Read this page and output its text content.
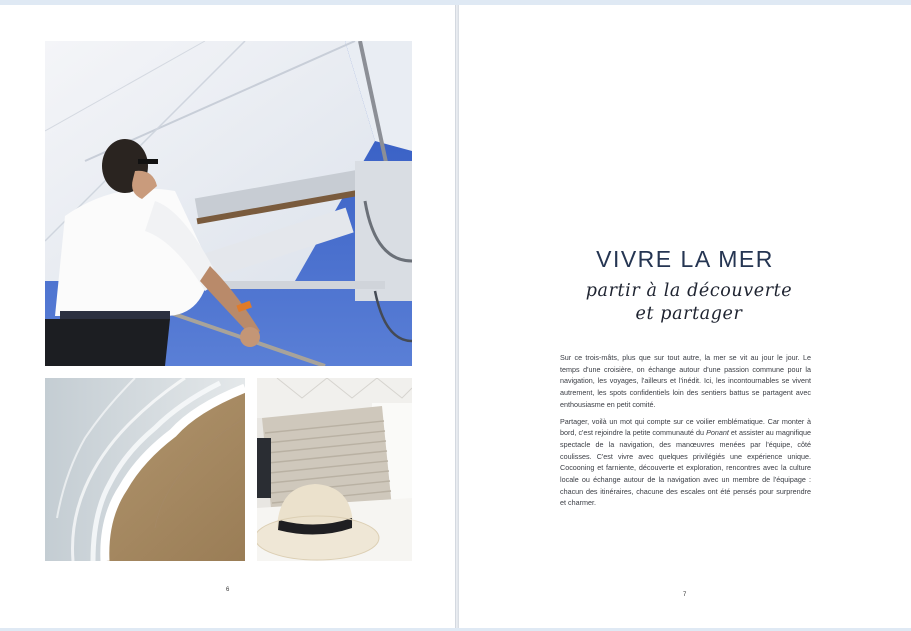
6
VIVRE LA MER
partir à la découverte
et partager

Sur ce trois-mâts, plus que sur tout autre, la mer se vit au jour le jour. Le temps d'une croisière, on échange autour d'une passion commune pour la navigation, les voyages, l'ailleurs et l'inédit. Ici, les incontournables se vivent autrement, les spots confidentiels loin des sentiers battus se partagent avec enthousiasme en petit comité.

Partager, voilà un mot qui compte sur ce voilier emblématique. Car monter à bord, c'est rejoindre la petite communauté du Ponant et assister au magnifique spectacle de la navigation, des manœuvres menées par l'équipe, côté coulisses. C'est vivre avec quelques privilégiés une expérience unique. Cocooning et farniente, découverte et exploration, rencontres avec la culture locale ou échange autour de la navigation avec un membre de l'équipage : chacun des itinéraires, chacune des escales ont été pensés pour surprendre et charmer.

7
